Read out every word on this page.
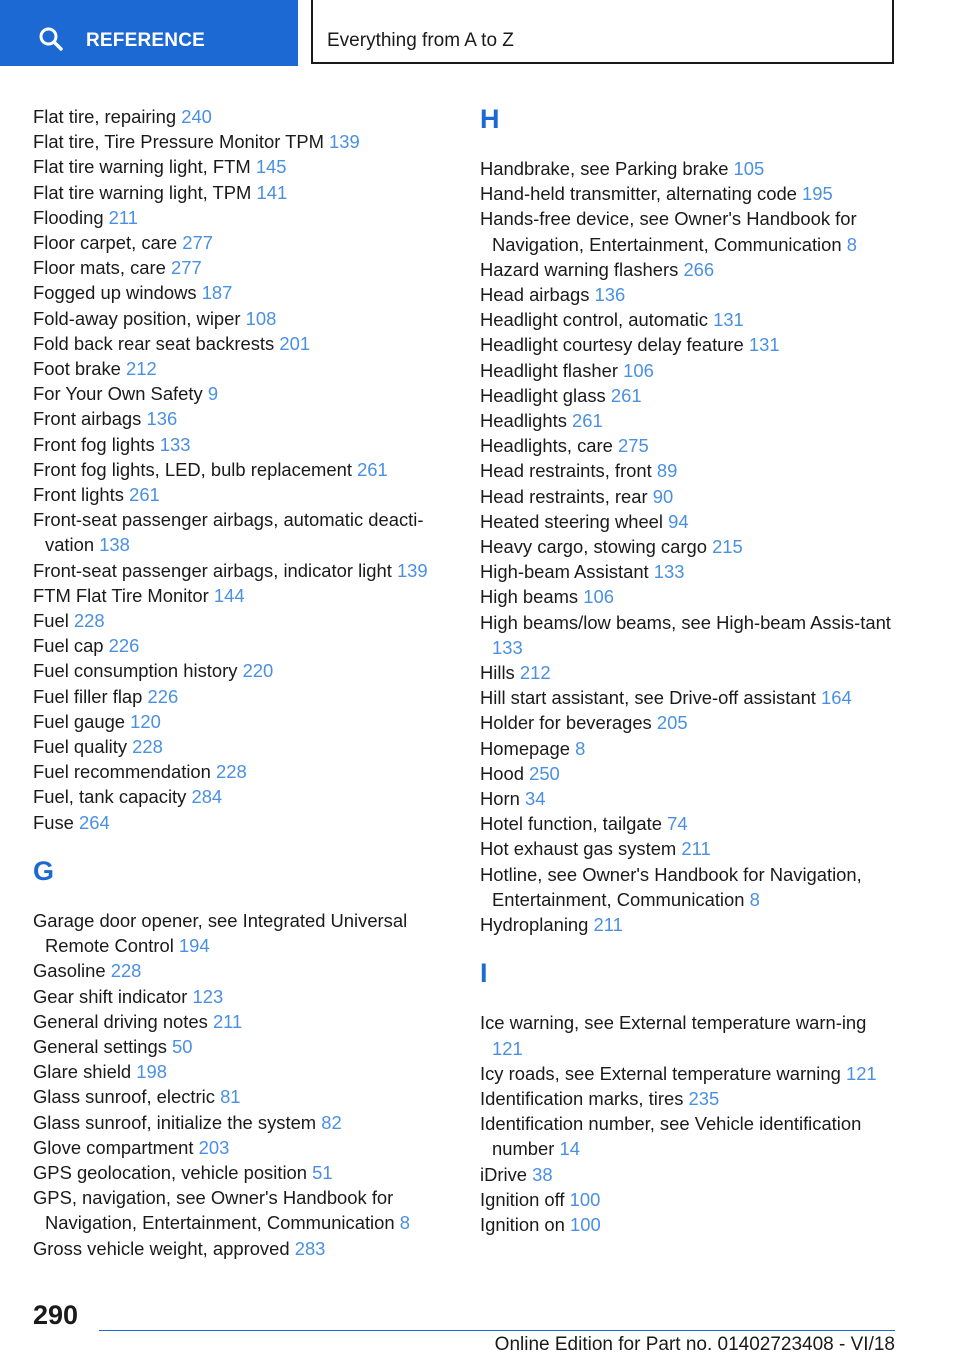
REFERENCE	Everything from A to Z
Flat tire, repairing 240
Flat tire, Tire Pressure Monitor TPM 139
Flat tire warning light, FTM 145
Flat tire warning light, TPM 141
Flooding 211
Floor carpet, care 277
Floor mats, care 277
Fogged up windows 187
Fold-away position, wiper 108
Fold back rear seat backrests 201
Foot brake 212
For Your Own Safety 9
Front airbags 136
Front fog lights 133
Front fog lights, LED, bulb replacement 261
Front lights 261
Front-seat passenger airbags, automatic deacti-vation 138
Front-seat passenger airbags, indicator light 139
FTM Flat Tire Monitor 144
Fuel 228
Fuel cap 226
Fuel consumption history 220
Fuel filler flap 226
Fuel gauge 120
Fuel quality 228
Fuel recommendation 228
Fuel, tank capacity 284
Fuse 264
G
Garage door opener, see Integrated Universal Remote Control 194
Gasoline 228
Gear shift indicator 123
General driving notes 211
General settings 50
Glare shield 198
Glass sunroof, electric 81
Glass sunroof, initialize the system 82
Glove compartment 203
GPS geolocation, vehicle position 51
GPS, navigation, see Owner's Handbook for Navigation, Entertainment, Communication 8
Gross vehicle weight, approved 283
H
Handbrake, see Parking brake 105
Hand-held transmitter, alternating code 195
Hands-free device, see Owner's Handbook for Navigation, Entertainment, Communication 8
Hazard warning flashers 266
Head airbags 136
Headlight control, automatic 131
Headlight courtesy delay feature 131
Headlight flasher 106
Headlight glass 261
Headlights 261
Headlights, care 275
Head restraints, front 89
Head restraints, rear 90
Heated steering wheel 94
Heavy cargo, stowing cargo 215
High-beam Assistant 133
High beams 106
High beams/low beams, see High-beam Assis-tant 133
Hills 212
Hill start assistant, see Drive-off assistant 164
Holder for beverages 205
Homepage 8
Hood 250
Horn 34
Hotel function, tailgate 74
Hot exhaust gas system 211
Hotline, see Owner's Handbook for Navigation, Entertainment, Communication 8
Hydroplaning 211
I
Ice warning, see External temperature warn-ing 121
Icy roads, see External temperature warning 121
Identification marks, tires 235
Identification number, see Vehicle identification number 14
iDrive 38
Ignition off 100
Ignition on 100
290
Online Edition for Part no. 01402723408 - VI/18
